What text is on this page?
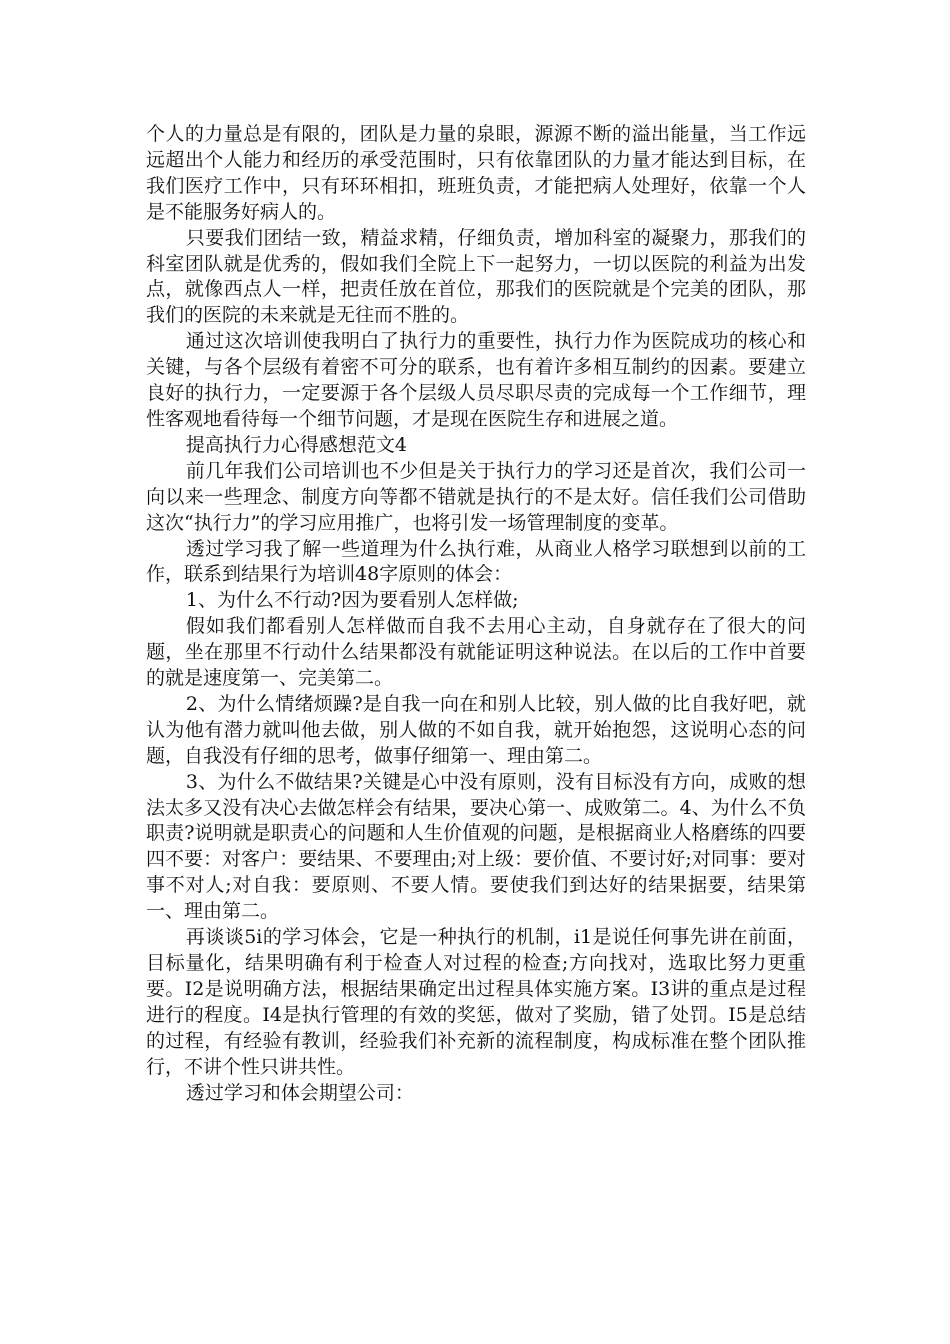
个人的力量总是有限的，团队是力量的泉眼，源源不断的溢出能量，当工作远远超出个人能力和经历的承受范围时，只有依靠团队的力量才能达到目标，在我们医疗工作中，只有环环相扣，班班负责，才能把病人处理好，依靠一个人是不能服务好病人的。

只要我们团结一致，精益求精，仔细负责，增加科室的凝聚力，那我们的科室团队就是优秀的，假如我们全院上下一起努力，一切以医院的利益为出发点，就像西点人一样，把责任放在首位，那我们的医院就是个完美的团队，那我们的医院的未来就是无往而不胜的。

通过这次培训使我明白了执行力的重要性，执行力作为医院成功的核心和关键，与各个层级有着密不可分的联系，也有着许多相互制约的因素。要建立良好的执行力，一定要源于各个层级人员尽职尽责的完成每一个工作细节，理性客观地看待每一个细节问题，才是现在医院生存和进展之道。

提高执行力心得感想范文4

前几年我们公司培训也不少但是关于执行力的学习还是首次，我们公司一向以来一些理念、制度方向等都不错就是执行的不是太好。信任我们公司借助这次“执行力”的学习应用推广，也将引发一场管理制度的变革。

透过学习我了解一些道理为什么执行难，从商业人格学习联想到以前的工作，联系到结果行为培训48字原则的体会：

1、为什么不行动?因为要看别人怎样做;

假如我们都看别人怎样做而自我不去用心主动，自身就存在了很大的问题，坐在那里不行动什么结果都没有就能证明这种说法。在以后的工作中首要的就是速度第一、完美第二。

2、为什么情绪烦躁?是自我一向在和别人比较，别人做的比自我好吧，就认为他有潜力就叫他去做，别人做的不如自我，就开始抱怨，这说明心态的问题，自我没有仔细的思考，做事仔细第一、理由第二。

3、为什么不做结果?关键是心中没有原则，没有目标没有方向，成败的想法太多又没有决心去做怎样会有结果，要决心第一、成败第二。4、为什么不负职责?说明就是职责心的问题和人生价值观的问题，是根据商业人格磨练的四要四不要：对客户：要结果、不要理由;对上级：要价值、不要讨好;对同事：要对事不对人;对自我：要原则、不要人情。要使我们到达好的结果据要，结果第一、理由第二。

再谈谈5i的学习体会，它是一种执行的机制，i1是说任何事先讲在前面，目标量化，结果明确有利于检查人对过程的检查;方向找对，选取比努力更重要。I2是说明确方法，根据结果确定出过程具体实施方案。I3讲的重点是过程进行的程度。I4是执行管理的有效的奖惩，做对了奖励，错了处罚。I5是总结的过程，有经验有教训，经验我们补充新的流程制度，构成标准在整个团队推行，不讲个性只讲共性。

透过学习和体会期望公司：
